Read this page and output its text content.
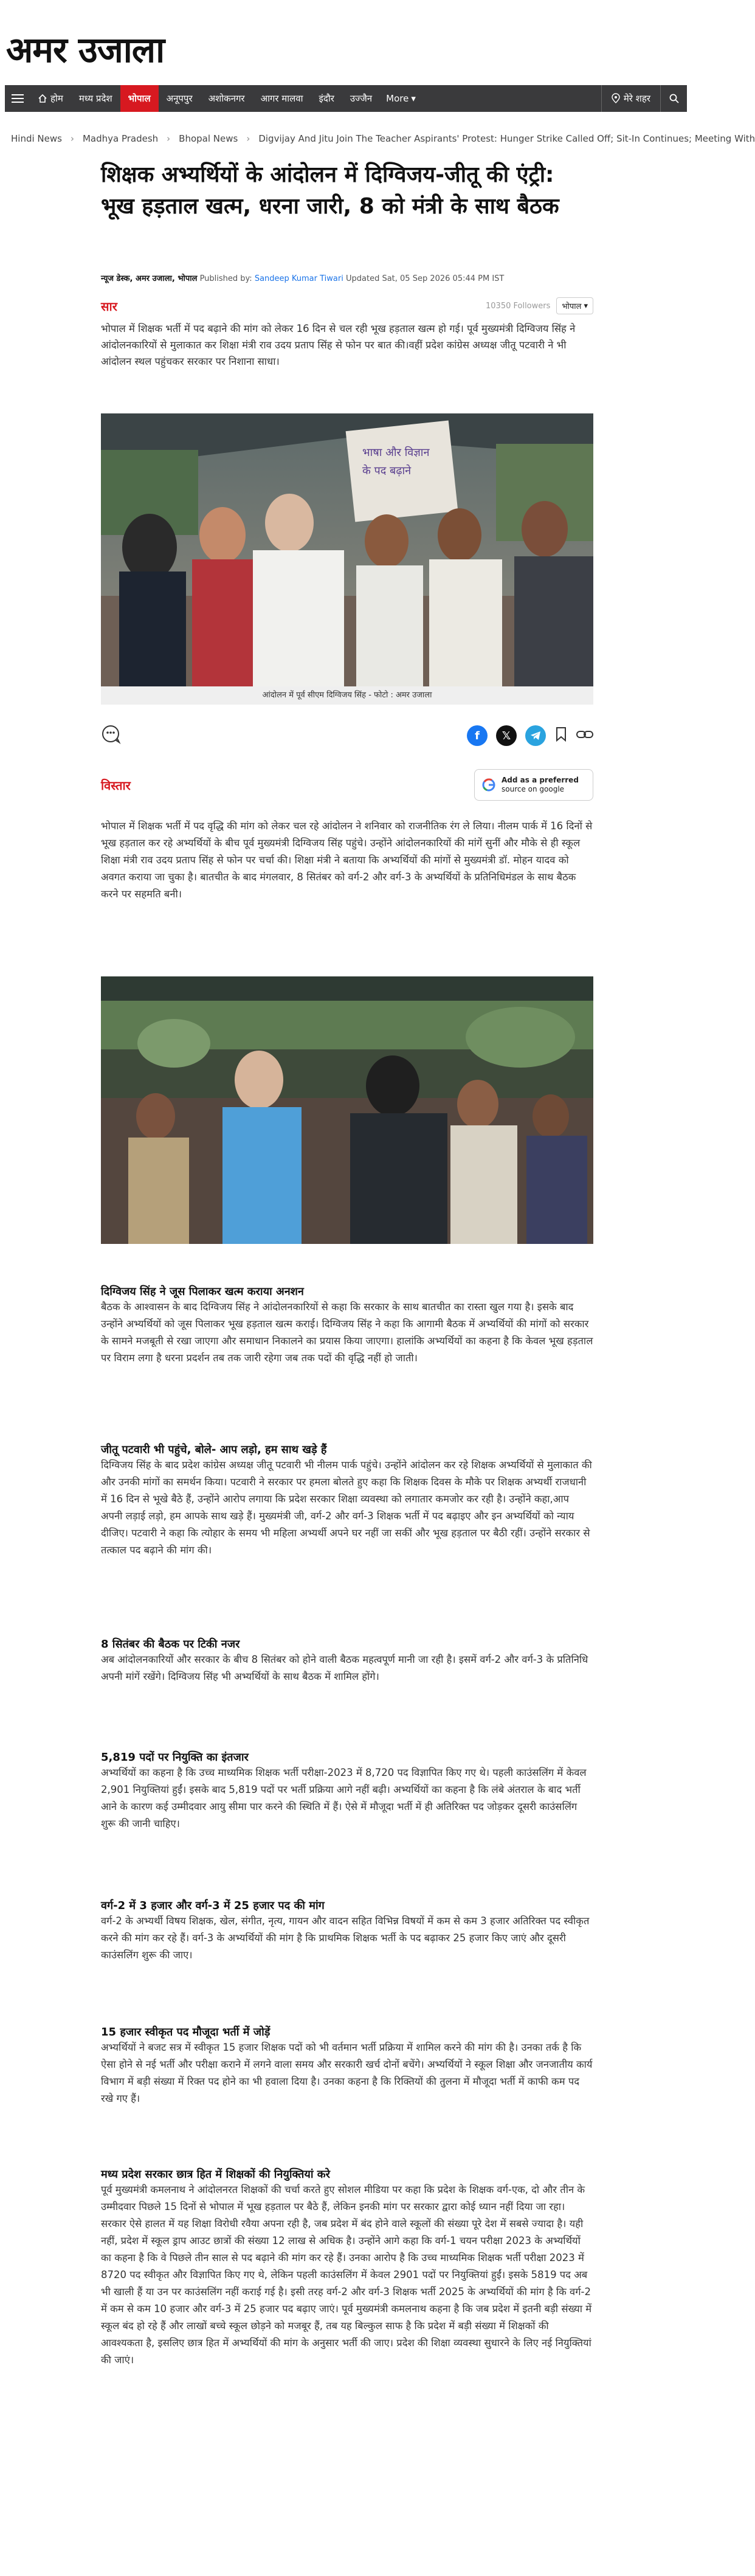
अमर उजाला
होम	मध्य प्रदेश	भोपाल	अनूपपुर	अशोकनगर	आगर मालवा	इंदौर	उज्जैन	More ▾	मेरे शहर
Hindi News › Madhya Pradesh › Bhopal News › Digvijay And Jitu Join The Teacher Aspirants' Protest: Hunger Strike Called Off; Sit-In Continues; Meeting With
शिक्षक अभ्यर्थियों के आंदोलन में दिग्विजय-जीतू की एंट्री: भूख हड़ताल खत्म, धरना जारी, 8 को मंत्री के साथ बैठक
न्यूज डेस्क, अमर उजाला, भोपाल Published by: Sandeep Kumar Tiwari Updated Sat, 05 Sep 2026 05:44 PM IST
सार	10350 Followers भोपाल ▾

भोपाल में शिक्षक भर्ती में पद बढ़ाने की मांग को लेकर 16 दिन से चल रही भूख हड़ताल खत्म हो गई। पूर्व मुख्यमंत्री दिग्विजय सिंह ने आंदोलनकारियों से मुलाकात कर शिक्षा मंत्री राव उदय प्रताप सिंह से फोन पर बात की।वहीं प्रदेश कांग्रेस अध्यक्ष जीतू पटवारी ने भी आंदोलन स्थल पहुंचकर सरकार पर निशाना साधा।

भाषा और विज्ञान
के पद बढ़ाने
आंदोलन में पूर्व सीएम दिग्विजय सिंह - फोटो : अमर उजाला
f	𝕏
विस्तार	Add as a preferred
source on google

भोपाल में शिक्षक भर्ती में पद वृद्धि की मांग को लेकर चल रहे आंदोलन ने शनिवार को राजनीतिक रंग ले लिया। नीलम पार्क में 16 दिनों से भूख हड़ताल कर रहे अभ्यर्थियों के बीच पूर्व मुख्यमंत्री दिग्विजय सिंह पहुंचे। उन्होंने आंदोलनकारियों की मांगें सुनीं और मौके से ही स्कूल शिक्षा मंत्री राव उदय प्रताप सिंह से फोन पर चर्चा की। शिक्षा मंत्री ने बताया कि अभ्यर्थियों की मांगों से मुख्यमंत्री डॉ. मोहन यादव को अवगत कराया जा चुका है। बातचीत के बाद मंगलवार, 8 सितंबर को वर्ग-2 और वर्ग-3 के अभ्यर्थियों के प्रतिनिधिमंडल के साथ बैठक करने पर सहमति बनी।

दिग्विजय सिंह ने जूस पिलाकर खत्म कराया अनशन

बैठक के आश्वासन के बाद दिग्विजय सिंह ने आंदोलनकारियों से कहा कि सरकार के साथ बातचीत का रास्ता खुल गया है। इसके बाद उन्होंने अभ्यर्थियों को जूस पिलाकर भूख हड़ताल खत्म कराई। दिग्विजय सिंह ने कहा कि आगामी बैठक में अभ्यर्थियों की मांगों को सरकार के सामने मजबूती से रखा जाएगा और समाधान निकालने का प्रयास किया जाएगा। हालांकि अभ्यर्थियों का कहना है कि केवल भूख हड़ताल पर विराम लगा है धरना प्रदर्शन तब तक जारी रहेगा जब तक पदों की वृद्धि नहीं हो जाती।

जीतू पटवारी भी पहुंचे, बोले- आप लड़ो, हम साथ खड़े हैं

दिग्विजय सिंह के बाद प्रदेश कांग्रेस अध्यक्ष जीतू पटवारी भी नीलम पार्क पहुंचे। उन्होंने आंदोलन कर रहे शिक्षक अभ्यर्थियों से मुलाकात की और उनकी मांगों का समर्थन किया। पटवारी ने सरकार पर हमला बोलते हुए कहा कि शिक्षक दिवस के मौके पर शिक्षक अभ्यर्थी राजधानी में 16 दिन से भूखे बैठे हैं, उन्होंने आरोप लगाया कि प्रदेश सरकार शिक्षा व्यवस्था को लगातार कमजोर कर रही है। उन्होंने कहा,आप अपनी लड़ाई लड़ो, हम आपके साथ खड़े हैं। मुख्यमंत्री जी, वर्ग-2 और वर्ग-3 शिक्षक भर्ती में पद बढ़ाइए और इन अभ्यर्थियों को न्याय दीजिए। पटवारी ने कहा कि त्योहार के समय भी महिला अभ्यर्थी अपने घर नहीं जा सकीं और भूख हड़ताल पर बैठी रहीं। उन्होंने सरकार से तत्काल पद बढ़ाने की मांग की।

8 सितंबर की बैठक पर टिकी नजर

अब आंदोलनकारियों और सरकार के बीच 8 सितंबर को होने वाली बैठक महत्वपूर्ण मानी जा रही है। इसमें वर्ग-2 और वर्ग-3 के प्रतिनिधि अपनी मांगें रखेंगे। दिग्विजय सिंह भी अभ्यर्थियों के साथ बैठक में शामिल होंगे।

5,819 पदों पर नियुक्ति का इंतजार

अभ्यर्थियों का कहना है कि उच्च माध्यमिक शिक्षक भर्ती परीक्षा-2023 में 8,720 पद विज्ञापित किए गए थे। पहली काउंसलिंग में केवल 2,901 नियुक्तियां हुईं। इसके बाद 5,819 पदों पर भर्ती प्रक्रिया आगे नहीं बढ़ी। अभ्यर्थियों का कहना है कि लंबे अंतराल के बाद भर्ती आने के कारण कई उम्मीदवार आयु सीमा पार करने की स्थिति में हैं। ऐसे में मौजूदा भर्ती में ही अतिरिक्त पद जोड़कर दूसरी काउंसलिंग शुरू की जानी चाहिए।

वर्ग-2 में 3 हजार और वर्ग-3 में 25 हजार पद की मांग

वर्ग-2 के अभ्यर्थी विषय शिक्षक, खेल, संगीत, नृत्य, गायन और वादन सहित विभिन्न विषयों में कम से कम 3 हजार अतिरिक्त पद स्वीकृत करने की मांग कर रहे हैं। वर्ग-3 के अभ्यर्थियों की मांग है कि प्राथमिक शिक्षक भर्ती के पद बढ़ाकर 25 हजार किए जाएं और दूसरी काउंसलिंग शुरू की जाए।

15 हजार स्वीकृत पद मौजूदा भर्ती में जोड़ें

अभ्यर्थियों ने बजट सत्र में स्वीकृत 15 हजार शिक्षक पदों को भी वर्तमान भर्ती प्रक्रिया में शामिल करने की मांग की है। उनका तर्क है कि ऐसा होने से नई भर्ती और परीक्षा कराने में लगने वाला समय और सरकारी खर्च दोनों बचेंगे। अभ्यर्थियों ने स्कूल शिक्षा और जनजातीय कार्य विभाग में बड़ी संख्या में रिक्त पद होने का भी हवाला दिया है। उनका कहना है कि रिक्तियों की तुलना में मौजूदा भर्ती में काफी कम पद रखे गए हैं।

मध्य प्रदेश सरकार छात्र हित में शिक्षकों की नियुक्तियां करे

पूर्व मुख्यमंत्री कमलनाथ ने आंदोलनरत शिक्षकों की चर्चा करते हुए सोशल मीडिया पर कहा कि प्रदेश के शिक्षक वर्ग-एक, दो और तीन के उम्मीदवार पिछले 15 दिनों से भोपाल में भूख हड़ताल पर बैठे हैं, लेकिन इनकी मांग पर सरकार द्वारा कोई ध्यान नहीं दिया जा रहा। सरकार ऐसे हालत में यह शिक्षा विरोधी रवैया अपना रही है, जब प्रदेश में बंद होने वाले स्कूलों की संख्या पूरे देश में सबसे ज्यादा है। यही नहीं, प्रदेश में स्कूल ड्राप आउट छात्रों की संख्या 12 लाख से अधिक है। उन्होंने आगे कहा कि वर्ग-1 चयन परीक्षा 2023 के अभ्यर्थियों का कहना है कि वे पिछले तीन साल से पद बढ़ाने की मांग कर रहे हैं। उनका आरोप है कि उच्च माध्यमिक शिक्षक भर्ती परीक्षा 2023 में 8720 पद स्वीकृत और विज्ञापित किए गए थे, लेकिन पहली काउंसलिंग में केवल 2901 पदों पर नियुक्तियां हुईं। इसके 5819 पद अब भी खाली हैं या उन पर काउंसलिंग नहीं कराई गई है। इसी तरह वर्ग-2 और वर्ग-3 शिक्षक भर्ती 2025 के अभ्यर्थियों की मांग है कि वर्ग-2 में कम से कम 10 हजार और वर्ग-3 में 25 हजार पद बढ़ाए जाएं। पूर्व मुख्यमंत्री कमलनाथ कहना है कि जब प्रदेश में इतनी बड़ी संख्या में स्कूल बंद हो रहे हैं और लाखों बच्चे स्कूल छोड़ने को मजबूर हैं, तब यह बिल्कुल साफ है कि प्रदेश में बड़ी संख्या में शिक्षकों की आवश्यकता है, इसलिए छात्र हित में अभ्यर्थियों की मांग के अनुसार भर्ती की जाए। प्रदेश की शिक्षा व्यवस्था सुधारने के लिए नई नियुक्तियां की जाएं।
